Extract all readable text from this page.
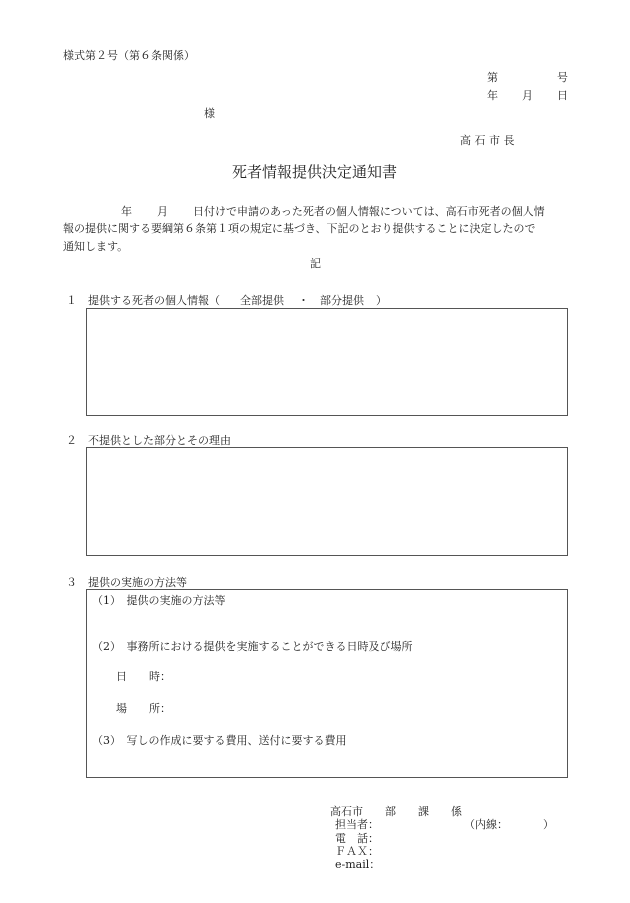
様式第２号（第６条関係）
第	号
年 月 日
様
高 石 市 長
死者情報提供決定通知書
年 月 日付けで申請のあった死者の個人情報については、高石市死者の個人情
報の提供に関する要綱第６条第１項の規定に基づき、下記のとおり提供することに決定したので
通知します。
記
１ 提供する死者の個人情報（ 全部提供 ・ 部分提供 ）
２ 不提供とした部分とその理由
３ 提供の実施の方法等
（1）　提供の実施の方法等
（2）　事務所における提供を実施することができる日時及び場所
日　　時：
場　　所：
（3）　写しの作成に要する費用、送付に要する費用
高石市 部 課 係
担当者：	（内線：	）
電　話：
ＦＡＸ：
e-mail：
